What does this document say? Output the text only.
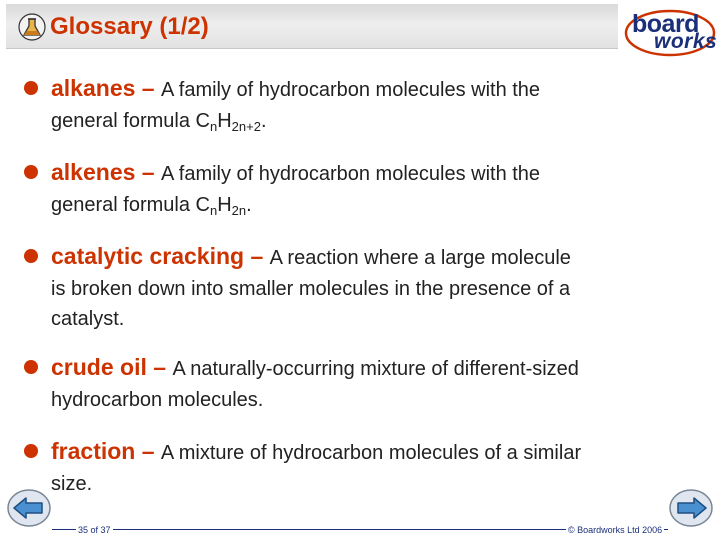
Glossary (1/2)	board
works
alkanes – A family of hydrocarbon molecules with the
general formula $C_nH_{2n+2}$.
alkenes – A family of hydrocarbon molecules with the
general formula $C_nH_{2n}$.
catalytic cracking – A reaction where a large molecule
is broken down into smaller molecules in the presence of a
catalyst.
crude oil – A naturally-occurring mixture of different-sized
hydrocarbon molecules.
fraction – A mixture of hydrocarbon molecules of a similar
size.
35 of 37	© Boardworks Ltd 2006
